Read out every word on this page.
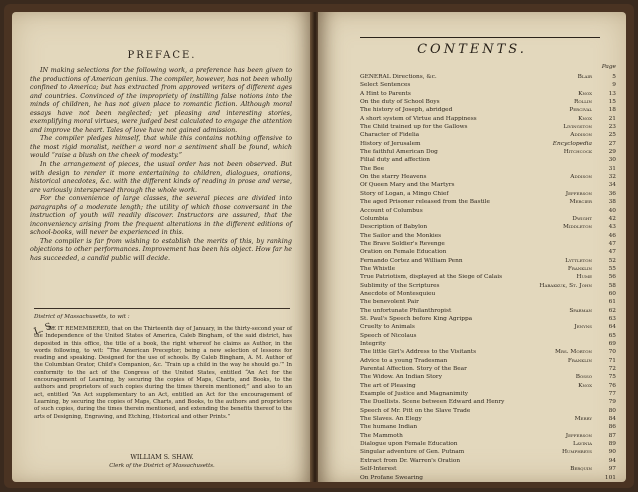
PREFACE.

IN making selections for the following work, a preference has been given to the productions of American genius. The compiler, however, has not been wholly confined to America; but has extracted from approved writers of different ages and countries. Convinced of the impropriety of instilling false notions into the minds of children, he has not given place to romantic fiction. Although moral essays have not been neglected; yet pleasing and interesting stories, exemplifying moral virtues, were judged best calculated to engage the attention and improve the heart. Tales of love have not gained admission.

The compiler pledges himself, that while this contains nothing offensive to the most rigid moralist, neither a word nor a sentiment shall be found, which would “raise a blush on the cheek of modesty.”

In the arrangement of pieces, the usual order has not been observed. But with design to render it more entertaining to children, dialogues, orations, historical anecdotes, &c. with the different kinds of reading in prose and verse, are variously interspersed through the whole work.

For the convenience of large classes, the several pieces are divided into paragraphs of a moderate length; the utility of which those conversant in the instruction of youth will readily discover. Instructors are assured, that the inconveniency arising from the frequent alterations in the different editions of school-books, will never be experienced in this.

The compiler is far from wishing to establish the merits of this, by ranking objections to other performances. Improvement has been his object. How far he has succeeded, a candid public will decide.

District of Massachusetts, to wit :
L. S.
BE IT REMEMBERED, that on the Thirteenth day of January, in the thirty-second year of the Independence of the United States of America, Caleb Bingham, of the said district, has deposited in this office, the title of a book, the right whereof he claims as Author, in the words following, to wit: “The American Preceptor; being a new selection of lessons for reading and speaking. Designed for the use of schools. By Caleb Bingham, A. M. Author of the Columbian Orator, Child's Companion, &c. ‘Train up a child in the way he should go.’” In conformity to the act of the Congress of the United States, entitled “An Act for the encouragement of Learning, by securing the copies of Maps, Charts, and Books, to the authors and proprietors of such copies during the times therein mentioned;” and also to an act, entitled “An Act supplementary to an Act, entitled an Act for the encouragement of Learning, by securing the copies of Maps, Charts, and Books, to the authors and proprietors of such copies, during the times therein mentioned, and extending the benefits thereof to the arts of Designing, Engraving, and Etching, Historical and other Prints.”
WILLIAM S. SHAW.
Clerk of the District of Massachusetts.
CONTENTS.
Page
GENERAL Directions, &c.	Blair	5
Select Sentences	9
A Hint to Parents	Knox	13
On the duty of School Boys	Rollin	15
The history of Joseph, abridged	Percival	18
A short system of Virtue and Happiness	Knox	21
The Child trained up for the Gallows	Livingston	23
Character of Fidelia	Addison	25
History of Jerusalem	Encyclopedia	27
The faithful American Dog	Hitchcock	29
Filial duty and affection	30
The Bee	31
On the starry Heavens	Addison	32
Of Queen Mary and the Martyrs	34
Story of Logan, a Mingo Chief	Jefferson	36
The aged Prisoner released from the Bastile	Mercier	38
Account of Columbus	40
Columbia	Dwight	42
Description of Babylon	Middleton	43
The Sailor and the Monkies	46
The Brave Soldier's Revenge	47
Oration on Female Education	47
Fernando Cortez and William Penn	Lyttleton	52
The Whistle	Franklin	55
True Patriotism, displayed at the Siege of Calais	Hume	56
Sublimity of the Scriptures	Habakkuk, St. John	58
Anecdote of Montesquieu	60
The benevolent Pair	61
The unfortunate Philanthropist	Sparman	62
St. Paul's Speech before King Agrippa	63
Cruelty to Animals	Jenyns	64
Speech of Nicolaus	65
Integrity	69
The little Girl's Address to the Visitants	Mrs. Morton	70
Advice to a young Tradesman	Franklin	71
Parental Affection. Story of the Bear	72
The Widow. An Indian Story	Bosso	75
The art of Pleasing	Knox	76
Example of Justice and Magnanimity	77
The Duellists. Scene between Edward and Henry	79
Speech of Mr. Pitt on the Slave Trade	80
The Slaves. An Elegy	Merry	84
The humane Indian	86
The Mammoth	Jefferson	87
Dialogue upon Female Education	Lavinia	89
Singular adventure of Gen. Putnam	Humphreys	90
Extract from Dr. Warren's Oration	94
Self-Interest	Berquin	97
On Profane Swearing	101
